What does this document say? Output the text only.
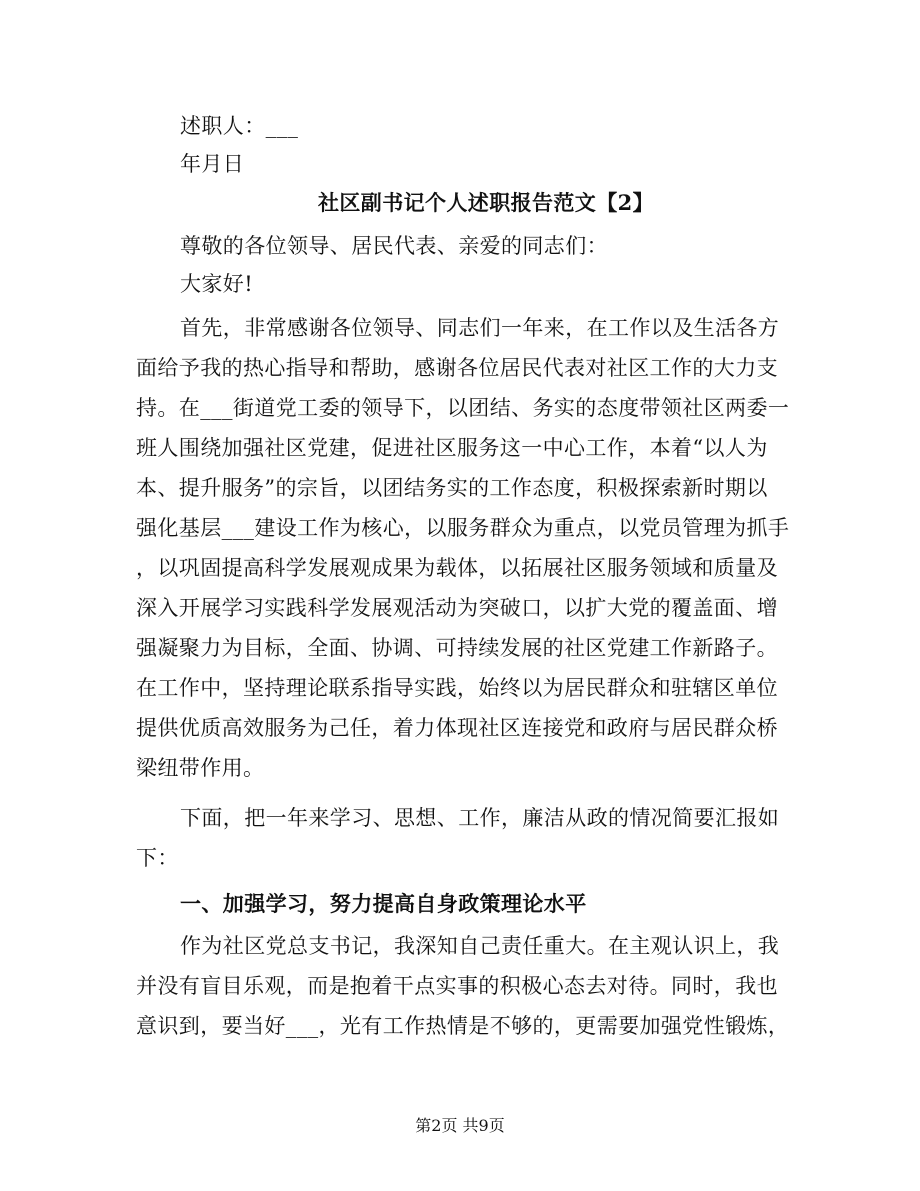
述职人：___
年月日
社区副书记个人述职报告范文【2】
尊敬的各位领导、居民代表、亲爱的同志们：
大家好!
首先，非常感谢各位领导、同志们一年来，在工作以及生活各方
面给予我的热心指导和帮助，感谢各位居民代表对社区工作的大力支
持。在___街道党工委的领导下，以团结、务实的态度带领社区两委一
班人围绕加强社区党建，促进社区服务这一中心工作，本着“以人为
本、提升服务”的宗旨，以团结务实的工作态度，积极探索新时期以
强化基层___建设工作为核心，以服务群众为重点，以党员管理为抓手
，以巩固提高科学发展观成果为载体，以拓展社区服务领域和质量及
深入开展学习实践科学发展观活动为突破口，以扩大党的覆盖面、增
强凝聚力为目标，全面、协调、可持续发展的社区党建工作新路子。
在工作中，坚持理论联系指导实践，始终以为居民群众和驻辖区单位
提供优质高效服务为己任，着力体现社区连接党和政府与居民群众桥
梁纽带作用。
下面，把一年来学习、思想、工作，廉洁从政的情况简要汇报如
下：
一、加强学习，努力提高自身政策理论水平
作为社区党总支书记，我深知自己责任重大。在主观认识上，我
并没有盲目乐观，而是抱着干点实事的积极心态去对待。同时，我也
意识到，要当好___，光有工作热情是不够的，更需要加强党性锻炼，
第2页 共9页
